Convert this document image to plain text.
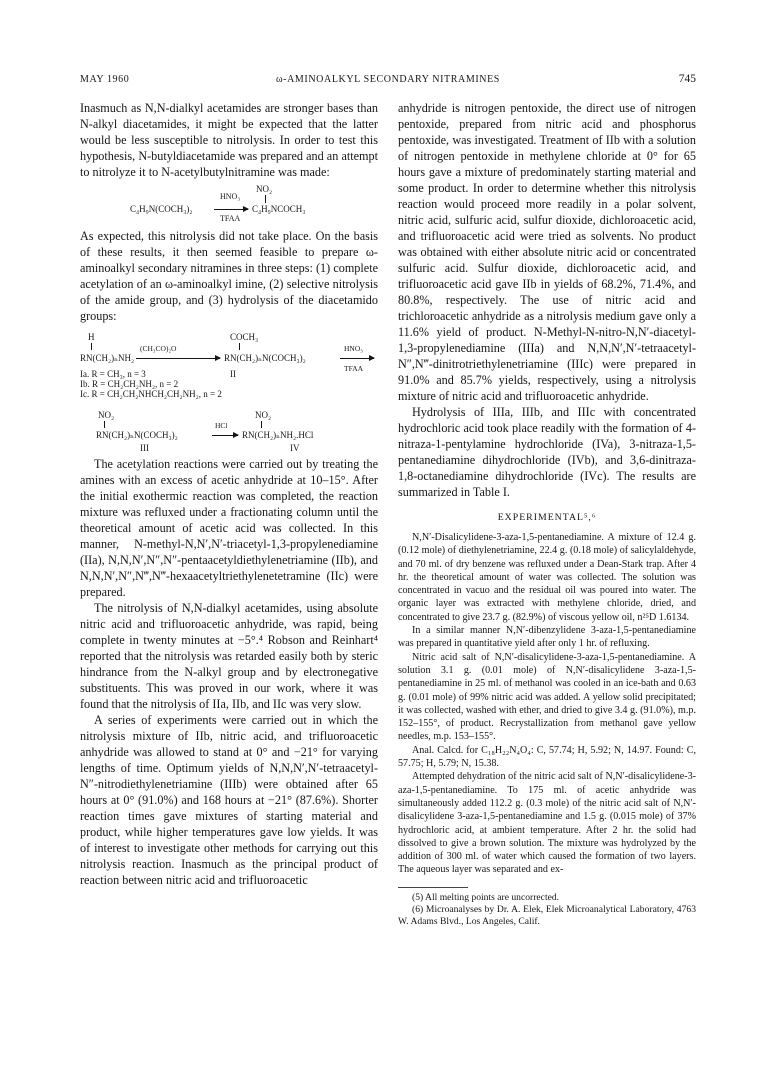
MAY 1960	ω-AMINOALKYL SECONDARY NITRAMINES	745

Inasmuch as N,N-dialkyl acetamides are stronger bases than N-alkyl diacetamides, it might be expected that the latter would be less susceptible to nitrolysis. In order to test this hypothesis, N-butyldiacetamide was prepared and an attempt to nitrolyze it to N-acetylbutylnitramine was made:

NO₂
HNO₃
C₄H₉N(COCH₃)₂	C₄H₉NCOCH₃
TFAA

As expected, this nitrolysis did not take place. On the basis of these results, it then seemed feasible to prepare ω-aminoalkyl secondary nitramines in three steps: (1) complete acetylation of an ω-aminoalkyl imine, (2) selective nitrolysis of the amide group, and (3) hydrolysis of the diacetamido groups:

H	COCH₃
(CH₃CO)₂O	HNO₃
RN(CH₂)ₙNH₂	RN(CH₂)ₙN(COCH₃)₂
TFAA
Ia. R = CH₃, n = 3	II
Ib. R = CH₂CH₂NH₂, n = 2
Ic. R = CH₂CH₂NHCH₂CH₂NH₂, n = 2
NO₂	NO₂
HCl
RN(CH₂)ₙN(COCH₃)₂	RN(CH₂)ₙNH₂.HCl
III	IV

The acetylation reactions were carried out by treating the amines with an excess of acetic anhydride at 10–15°. After the initial exothermic reaction was completed, the reaction mixture was refluxed under a fractionating column until the theoretical amount of acetic acid was collected. In this manner, N-methyl-N,N′,N′-triacetyl-1,3-propylenediamine (IIa), N,N,N′,N″,N″-pentaacetyldiethylenetriamine (IIb), and N,N,N′,N″,N‴,N‴-hexaacetyltriethylenetetramine (IIc) were prepared.

The nitrolysis of N,N-dialkyl acetamides, using absolute nitric acid and trifluoroacetic anhydride, was rapid, being complete in twenty minutes at −5°.⁴ Robson and Reinhart⁴ reported that the nitrolysis was retarded easily both by steric hindrance from the N-alkyl group and by electronegative substituents. This was proved in our work, where it was found that the nitrolysis of IIa, IIb, and IIc was very slow.

A series of experiments were carried out in which the nitrolysis mixture of IIb, nitric acid, and trifluoroacetic anhydride was allowed to stand at 0° and −21° for varying lengths of time. Optimum yields of N,N,N′,N′-tetraacetyl-N″-nitrodiethylenetriamine (IIIb) were obtained after 65 hours at 0° (91.0%) and 168 hours at −21° (87.6%). Shorter reaction times gave mixtures of starting material and product, while higher temperatures gave low yields. It was of interest to investigate other methods for carrying out this nitrolysis reaction. Inasmuch as the principal product of reaction between nitric acid and trifluoroacetic

anhydride is nitrogen pentoxide, the direct use of nitrogen pentoxide, prepared from nitric acid and phosphorus pentoxide, was investigated. Treatment of IIb with a solution of nitrogen pentoxide in methylene chloride at 0° for 65 hours gave a mixture of predominately starting material and some product. In order to determine whether this nitrolysis reaction would proceed more readily in a polar solvent, nitric acid, sulfuric acid, sulfur dioxide, dichloroacetic acid, and trifluoroacetic acid were tried as solvents. No product was obtained with either absolute nitric acid or concentrated sulfuric acid. Sulfur dioxide, dichloroacetic acid, and trifluoroacetic acid gave IIb in yields of 68.2%, 71.4%, and 80.8%, respectively. The use of nitric acid and trichloroacetic anhydride as a nitrolysis medium gave only a 11.6% yield of product. N-Methyl-N-nitro-N,N′-diacetyl-1,3-propylenediamine (IIIa) and N,N,N′,N′-tetraacetyl-N″,N‴-dinitrotriethylenetriamine (IIIc) were prepared in 91.0% and 85.7% yields, respectively, using a nitrolysis mixture of nitric acid and trifluoroacetic anhydride.

Hydrolysis of IIIa, IIIb, and IIIc with concentrated hydrochloric acid took place readily with the formation of 4-nitraza-1-pentylamine hydrochloride (IVa), 3-nitraza-1,5-pentanediamine dihydrochloride (IVb), and 3,6-dinitraza-1,8-octanediamine dihydrochloride (IVc). The results are summarized in Table I.

EXPERIMENTAL⁵,⁶

N,N′-Disalicylidene-3-aza-1,5-pentanediamine. A mixture of 12.4 g. (0.12 mole) of diethylenetriamine, 22.4 g. (0.18 mole) of salicylaldehyde, and 70 ml. of dry benzene was refluxed under a Dean-Stark trap. After 4 hr. the theoretical amount of water was collected. The solution was concentrated in vacuo and the residual oil was poured into water. The organic layer was extracted with methylene chloride, dried, and concentrated to give 23.7 g. (82.9%) of viscous yellow oil, n²⁵D 1.6134.

In a similar manner N,N′-dibenzylidene 3-aza-1,5-pentanediamine was prepared in quantitative yield after only 1 hr. of refluxing.

Nitric acid salt of N,N′-disalicylidene-3-aza-1,5-pentanediamine. A solution 3.1 g. (0.01 mole) of N,N′-disalicylidene 3-aza-1,5-pentanediamine in 25 ml. of methanol was cooled in an ice-bath and 0.63 g. (0.01 mole) of 99% nitric acid was added. A yellow solid precipitated; it was collected, washed with ether, and dried to give 3.4 g. (91.0%), m.p. 152–155°, of product. Recrystallization from methanol gave yellow needles, m.p. 153–155°.

Anal. Calcd. for C₁₈H₂₂N₄O₄: C, 57.74; H, 5.92; N, 14.97. Found: C, 57.75; H, 5.79; N, 15.38.

Attempted dehydration of the nitric acid salt of N,N′-disalicylidene-3-aza-1,5-pentanediamine. To 175 ml. of acetic anhydride was simultaneously added 112.2 g. (0.3 mole) of the nitric acid salt of N,N′-disalicylidene 3-aza-1,5-pentanediamine and 1.5 g. (0.015 mole) of 37% hydrochloric acid, at ambient temperature. After 2 hr. the solid had dissolved to give a brown solution. The mixture was hydrolyzed by the addition of 300 ml. of water which caused the formation of two layers. The aqueous layer was separated and ex-

(5) All melting points are uncorrected.

(6) Microanalyses by Dr. A. Elek, Elek Microanalytical Laboratory, 4763 W. Adams Blvd., Los Angeles, Calif.
